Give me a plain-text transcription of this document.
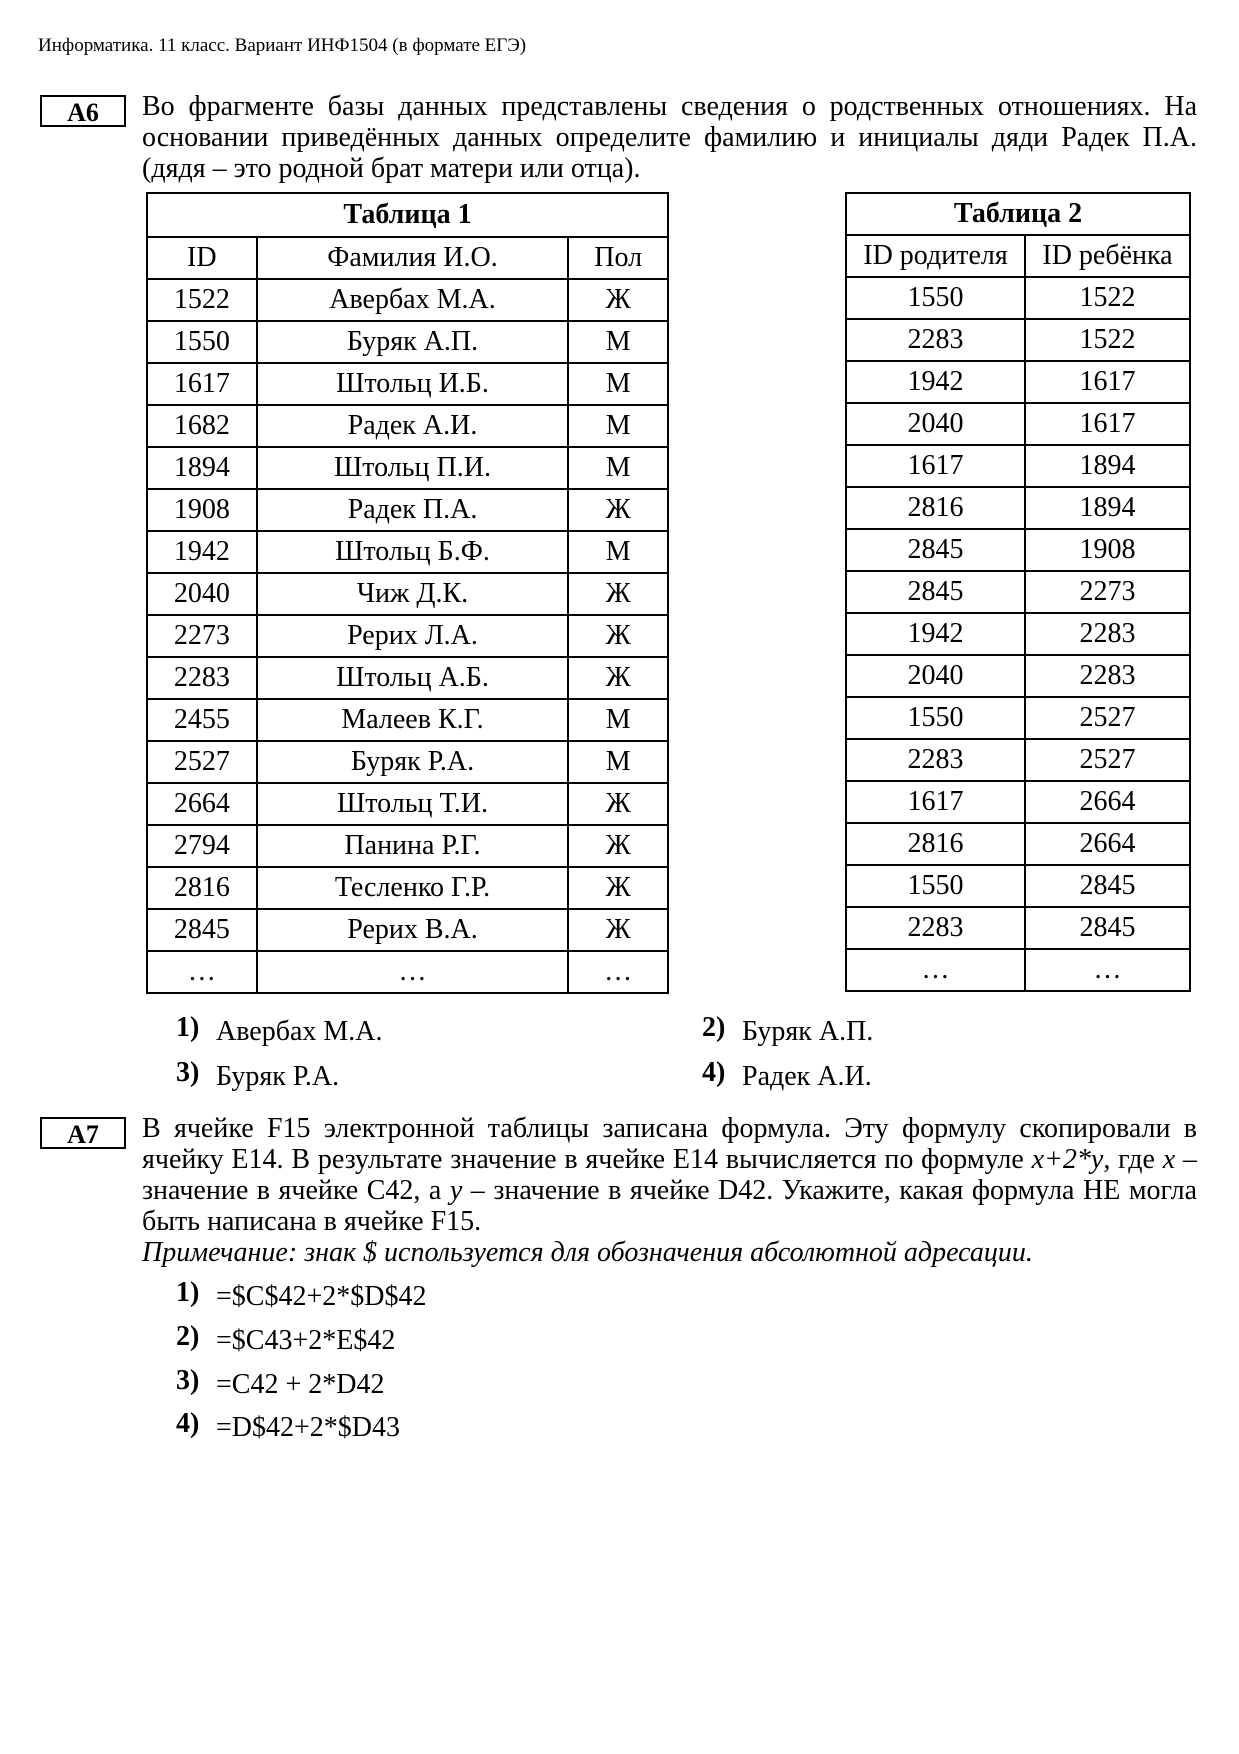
Информатика. 11 класс. Вариант ИНФ1504 (в формате ЕГЭ)
А6	Во фрагменте базы данных представлены сведения о родственных отношениях. На основании приведённых данных определите фамилию и инициалы дяди Радек П.А. (дядя – это родной брат матери или отца).
Таблица 1		
ID	Фамилия И.О.	Пол
1522	Авербах М.А.	Ж
1550	Буряк А.П.	М
1617	Штольц И.Б.	М
1682	Радек А.И.	М
1894	Штольц П.И.	М
1908	Радек П.А.	Ж
1942	Штольц Б.Ф.	М
2040	Чиж Д.К.	Ж
2273	Рерих Л.А.	Ж
2283	Штольц А.Б.	Ж
2455	Малеев К.Г.	М
2527	Буряк Р.А.	М
2664	Штольц Т.И.	Ж
2794	Панина Р.Г.	Ж
2816	Тесленко Г.Р.	Ж
2845	Рерих В.А.	Ж
…	…	…
Таблица 2	
ID родителя	ID ребёнка
1550	1522
2283	1522
1942	1617
2040	1617
1617	1894
2816	1894
2845	1908
2845	2273
1942	2283
2040	2283
1550	2527
2283	2527
1617	2664
2816	2664
1550	2845
2283	2845
…	…
1) Авербах М.А.	2) Буряк А.П.
3) Буряк Р.А.	4) Радек А.И.
А7	В ячейке F15 электронной таблицы записана формула. Эту формулу скопировали в ячейку E14. В результате значение в ячейке E14 вычисляется по формуле x+2*y, где x – значение в ячейке C42, а y – значение в ячейке D42. Укажите, какая формула НЕ могла быть написана в ячейке F15.
Примечание: знак $ используется для обозначения абсолютной адресации.
1) =$C$42+2*$D$42
2) =$C43+2*E$42
3) =C42 + 2*D42
4) =D$42+2*$D43
